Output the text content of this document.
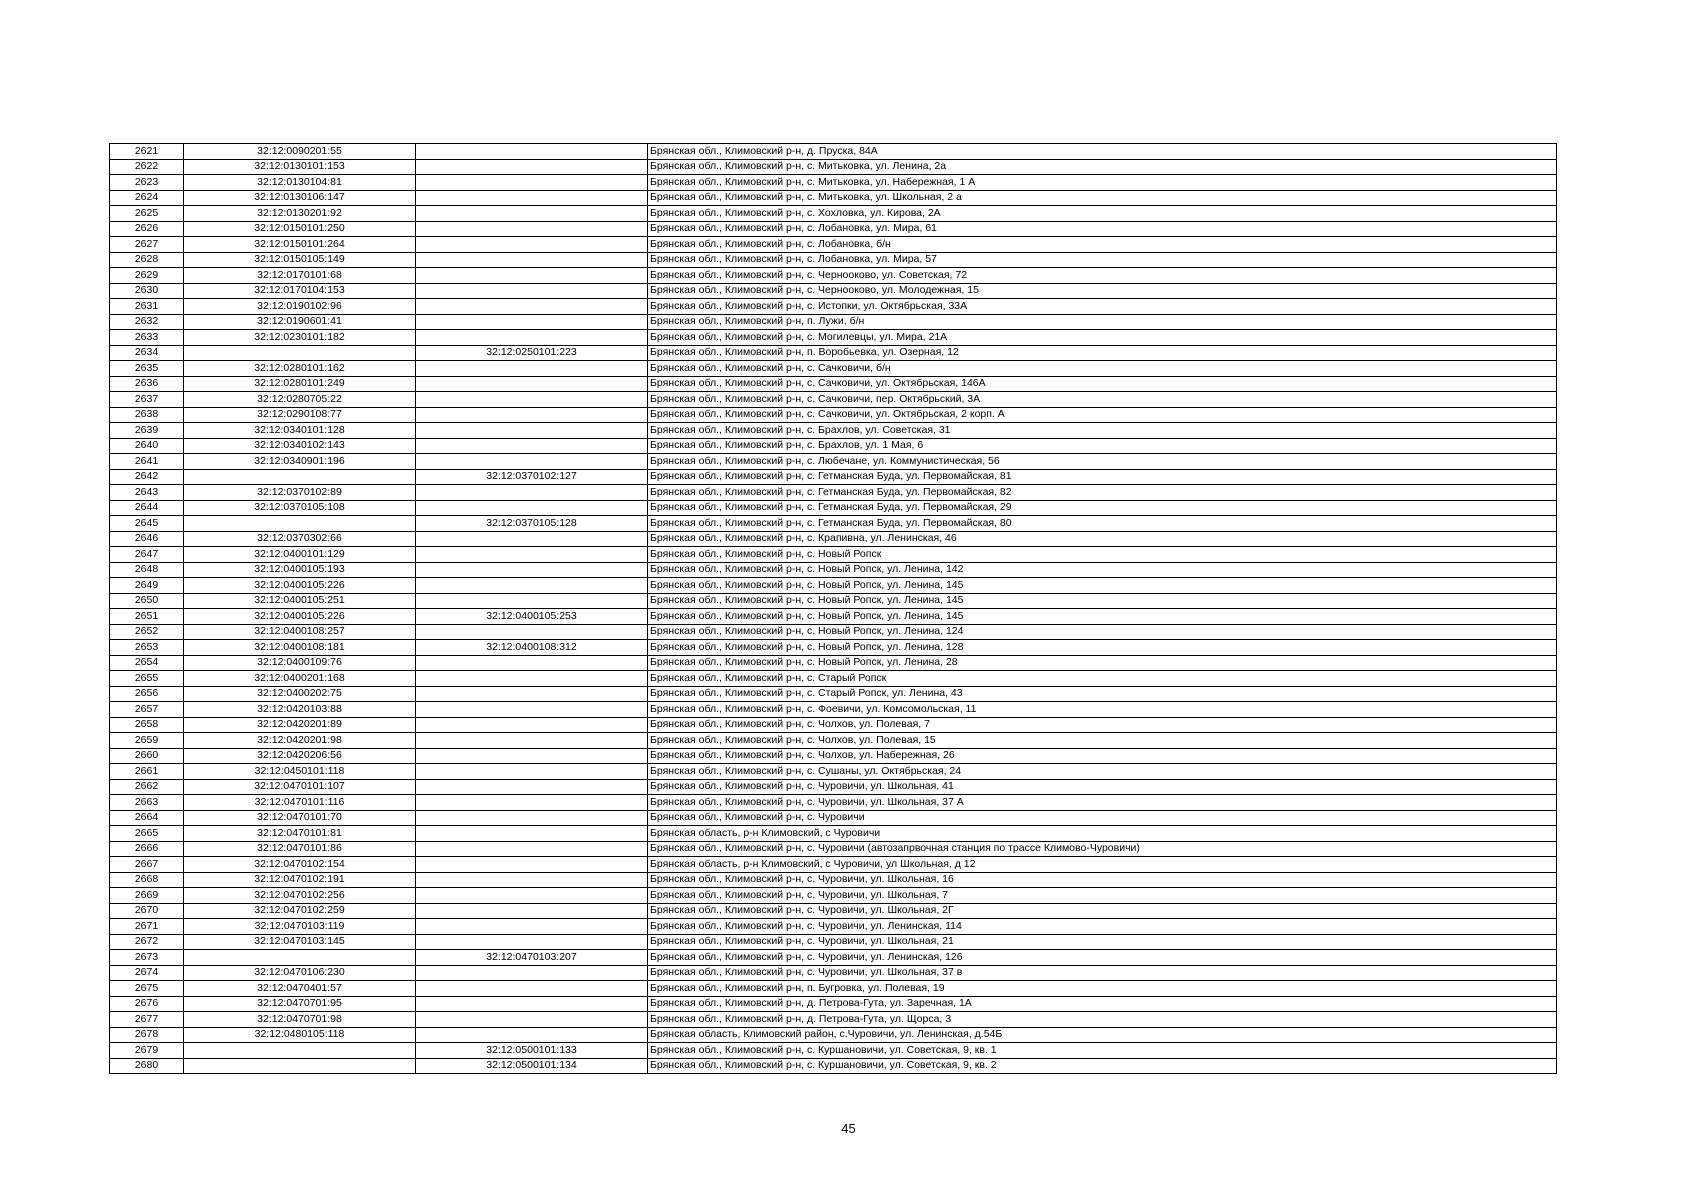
2621	32:12:0090201:55		Брянская обл., Климовский р-н, д. Пруска, 84А
2622	32:12:0130101:153		Брянская обл., Климовский р-н, с. Митьковка, ул. Ленина, 2а
2623	32:12:0130104:81		Брянская обл., Климовский р-н, с. Митьковка, ул. Набережная, 1 А
2624	32:12:0130106:147		Брянская обл., Климовский р-н, с. Митьковка, ул. Школьная, 2 а
2625	32:12:0130201:92		Брянская обл., Климовский р-н, с. Хохловка, ул. Кирова, 2А
2626	32:12:0150101:250		Брянская обл., Климовский р-н, с. Лобановка, ул. Мира, 61
2627	32:12:0150101:264		Брянская обл., Климовский р-н, с. Лобановка, б/н
2628	32:12:0150105:149		Брянская обл., Климовский р-н, с. Лобановка, ул. Мира, 57
2629	32:12:0170101:68		Брянская обл., Климовский р-н, с. Чернооково, ул. Советская, 72
2630	32:12:0170104:153		Брянская обл., Климовский р-н, с. Чернооково, ул. Молодежная, 15
2631	32:12:0190102:96		Брянская обл., Климовский р-н, с. Истопки, ул. Октябрьская, 33А
2632	32:12:0190601:41		Брянская обл., Климовский р-н, п. Лужи, б/н
2633	32:12:0230101:182		Брянская обл., Климовский р-н, с. Могилевцы, ул. Мира, 21А
2634		32:12:0250101:223	Брянская обл., Климовский р-н, п. Воробьевка, ул. Озерная, 12
2635	32:12:0280101:162		Брянская обл., Климовский р-н, с. Сачковичи, б/н
2636	32:12:0280101:249		Брянская обл., Климовский р-н, с. Сачковичи, ул. Октябрьская, 146А
2637	32:12:0280705:22		Брянская обл., Климовский р-н, с. Сачковичи, пер. Октябрьский, 3А
2638	32:12:0290108:77		Брянская обл., Климовский р-н, с. Сачковичи, ул. Октябрьская, 2 корп. А
2639	32:12:0340101:128		Брянская обл., Климовский р-н, с. Брахлов, ул. Советская, 31
2640	32:12:0340102:143		Брянская обл., Климовский р-н, с. Брахлов, ул. 1 Мая, 6
2641	32:12:0340901:196		Брянская обл., Климовский р-н, с. Любечане, ул. Коммунистическая, 56
2642		32:12:0370102:127	Брянская обл., Климовский р-н, с. Гетманская Буда, ул. Первомайская, 81
2643	32:12:0370102:89		Брянская обл., Климовский р-н, с. Гетманская Буда, ул. Первомайская, 82
2644	32:12:0370105:108		Брянская обл., Климовский р-н, с. Гетманская Буда, ул. Первомайская, 29
2645		32:12:0370105:128	Брянская обл., Климовский р-н, с. Гетманская Буда, ул. Первомайская, 80
2646	32:12:0370302:66		Брянская обл., Климовский р-н, с. Крапивна, ул. Ленинская, 46
2647	32:12:0400101:129		Брянская обл., Климовский р-н, с. Новый Ропск
2648	32:12:0400105:193		Брянская обл., Климовский р-н, с. Новый Ропск, ул. Ленина, 142
2649	32:12:0400105:226		Брянская обл., Климовский р-н, с. Новый Ропск, ул. Ленина, 145
2650	32:12:0400105:251		Брянская обл., Климовский р-н, с. Новый Ропск, ул. Ленина, 145
2651	32:12:0400105:226	32:12:0400105:253	Брянская обл., Климовский р-н, с. Новый Ропск, ул. Ленина, 145
2652	32:12:0400108:257		Брянская обл., Климовский р-н, с. Новый Ропск, ул. Ленина, 124
2653	32:12:0400108:181	32:12:0400108:312	Брянская обл., Климовский р-н, с. Новый Ропск, ул. Ленина, 128
2654	32:12:0400109:76		Брянская обл., Климовский р-н, с. Новый Ропск, ул. Ленина, 28
2655	32:12:0400201:168		Брянская обл., Климовский р-н, с. Старый Ропск
2656	32:12:0400202:75		Брянская обл., Климовский р-н, с. Старый Ропск, ул. Ленина, 43
2657	32:12:0420103:88		Брянская обл., Климовский р-н, с. Фоевичи, ул. Комсомольская, 11
2658	32:12:0420201:89		Брянская обл., Климовский р-н, с. Чолхов, ул. Полевая, 7
2659	32:12:0420201:98		Брянская обл., Климовский р-н, с. Чолхов, ул. Полевая, 15
2660	32:12:0420206:56		Брянская обл., Климовский р-н, с. Чолхов, ул. Набережная, 26
2661	32:12:0450101:118		Брянская обл., Климовский р-н, с. Сушаны, ул. Октябрьская, 24
2662	32:12:0470101:107		Брянская обл., Климовский р-н, с. Чуровичи, ул. Школьная, 41
2663	32:12:0470101:116		Брянская обл., Климовский р-н, с. Чуровичи, ул. Школьная, 37 А
2664	32:12:0470101:70		Брянская обл., Климовский р-н, с. Чуровичи
2665	32:12:0470101:81		Брянская область, р-н Климовский, с Чуровичи
2666	32:12:0470101:86		Брянская обл., Климовский р-н, с. Чуровичи (автозапрвочная станция по трассе Климово-Чуровичи)
2667	32:12:0470102:154		Брянская область, р-н Климовский, с Чуровичи, ул Школьная, д 12
2668	32:12:0470102:191		Брянская обл., Климовский р-н, с. Чуровичи, ул. Школьная, 16
2669	32:12:0470102:256		Брянская обл., Климовский р-н, с. Чуровичи, ул. Школьная, 7
2670	32:12:0470102:259		Брянская обл., Климовский р-н, с. Чуровичи, ул. Школьная, 2Г
2671	32:12:0470103:119		Брянская обл., Климовский р-н, с. Чуровичи, ул. Ленинская, 114
2672	32:12:0470103:145		Брянская обл., Климовский р-н, с. Чуровичи, ул. Школьная, 21
2673		32:12:0470103:207	Брянская обл., Климовский р-н, с. Чуровичи, ул. Ленинская, 126
2674	32:12:0470106:230		Брянская обл., Климовский р-н, с. Чуровичи, ул. Школьная, 37 в
2675	32:12:0470401:57		Брянская обл., Климовский р-н, п. Бугровка, ул. Полевая, 19
2676	32:12:0470701:95		Брянская обл., Климовский р-н, д. Петрова-Гута, ул. Заречная, 1А
2677	32:12:0470701:98		Брянская обл., Климовский р-н, д. Петрова-Гута, ул. Щорса, 3
2678	32:12:0480105:118		Брянская область, Климовский район, с.Чуровичи, ул. Ленинская, д.54Б
2679		32:12:0500101:133	Брянская обл., Климовский р-н, с. Куршановичи, ул. Советская, 9, кв. 1
2680		32:12:0500101:134	Брянская обл., Климовский р-н, с. Куршановичи, ул. Советская, 9, кв. 2
45
